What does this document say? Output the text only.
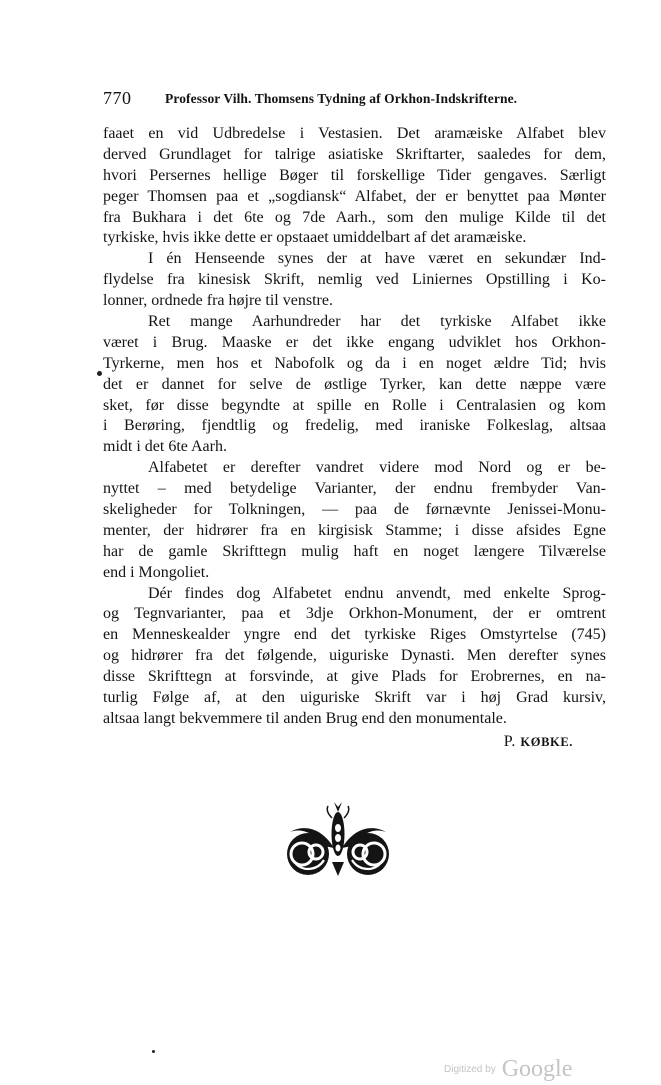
770 Professor Vilh. Thomsens Tydning af Orkhon-Indskrifterne.

faaet en vid Udbredelse i Vestasien. Det aramæiske Alfabet blev
derved Grundlaget for talrige asiatiske Skriftarter, saaledes for dem,
hvori Persernes hellige Bøger til forskellige Tider gengaves. Særligt
peger Thomsen paa et „sogdiansk“ Alfabet, der er benyttet paa Mønter
fra Bukhara i det 6te og 7de Aarh., som den mulige Kilde til det
tyrkiske, hvis ikke dette er opstaaet umiddelbart af det aramæiske.

I én Henseende synes der at have været en sekundær Ind-
flydelse fra kinesisk Skrift, nemlig ved Liniernes Opstilling i Ko-
lonner, ordnede fra højre til venstre.

Ret mange Aarhundreder har det tyrkiske Alfabet ikke
været i Brug. Maaske er det ikke engang udviklet hos Orkhon-
Tyrkerne, men hos et Nabofolk og da i en noget ældre Tid; hvis
det er dannet for selve de østlige Tyrker, kan dette næppe være
sket, før disse begyndte at spille en Rolle i Centralasien og kom
i Berøring, fjendtlig og fredelig, med iraniske Folkeslag, altsaa
midt i det 6te Aarh.

Alfabetet er derefter vandret videre mod Nord og er be-
nyttet – med betydelige Varianter, der endnu frembyder Van-
skeligheder for Tolkningen, — paa de førnævnte Jenissei-Monu-
menter, der hidrører fra en kirgisisk Stamme; i disse afsides Egne
har de gamle Skrifttegn mulig haft en noget længere Tilværelse
end i Mongoliet.

Dér findes dog Alfabetet endnu anvendt, med enkelte Sprog-
og Tegnvarianter, paa et 3dje Orkhon-Monument, der er omtrent
en Menneskealder yngre end det tyrkiske Riges Omstyrtelse (745)
og hidrører fra det følgende, uiguriske Dynasti. Men derefter synes
disse Skrifttegn at forsvinde, at give Plads for Erobrernes, en na-
turlig Følge af, at den uiguriske Skrift var i høj Grad kursiv,
altsaa langt bekvemmere til anden Brug end den monumentale.

P. KØBKE.
Digitized by Google
